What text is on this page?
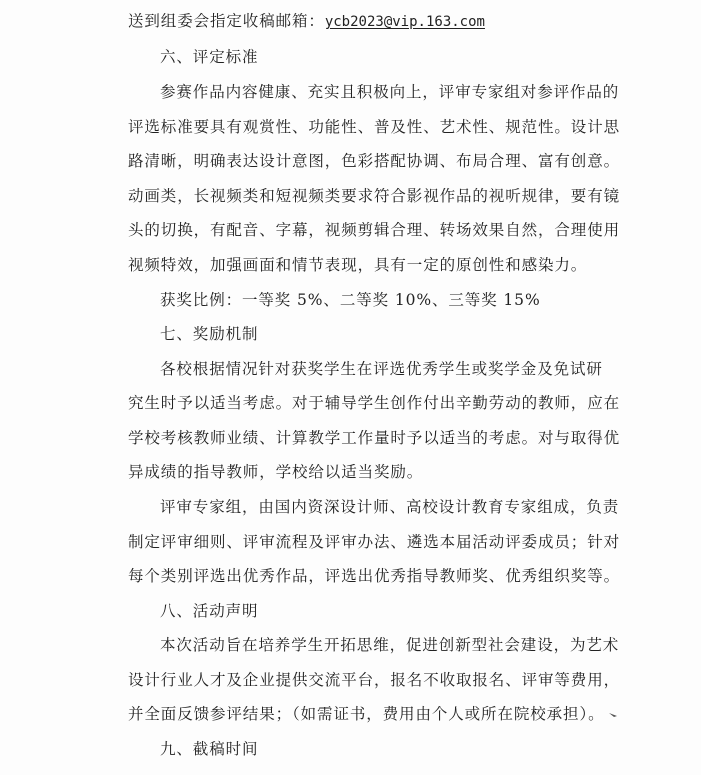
送到组委会指定收稿邮箱：ycb2023@vip.163.com
六、评定标准
参赛作品内容健康、充实且积极向上，评审专家组对参评作品的
评选标准要具有观赏性、功能性、普及性、艺术性、规范性。设计思
路清晰，明确表达设计意图，色彩搭配协调、布局合理、富有创意。
动画类，长视频类和短视频类要求符合影视作品的视听规律，要有镜
头的切换，有配音、字幕，视频剪辑合理、转场效果自然，合理使用
视频特效，加强画面和情节表现，具有一定的原创性和感染力。
获奖比例：一等奖 5%、二等奖 10%、三等奖 15%
七、奖励机制
各校根据情况针对获奖学生在评选优秀学生或奖学金及免试研
究生时予以适当考虑。对于辅导学生创作付出辛勤劳动的教师，应在
学校考核教师业绩、计算教学工作量时予以适当的考虑。对与取得优
异成绩的指导教师，学校给以适当奖励。
评审专家组，由国内资深设计师、高校设计教育专家组成，负责
制定评审细则、评审流程及评审办法、遴选本届活动评委成员；针对
每个类别评选出优秀作品，评选出优秀指导教师奖、优秀组织奖等。
八、活动声明
本次活动旨在培养学生开拓思维，促进创新型社会建设，为艺术
设计行业人才及企业提供交流平台，报名不收取报名、评审等费用，
并全面反馈参评结果；（如需证书，费用由个人或所在院校承担）。
九、截稿时间
